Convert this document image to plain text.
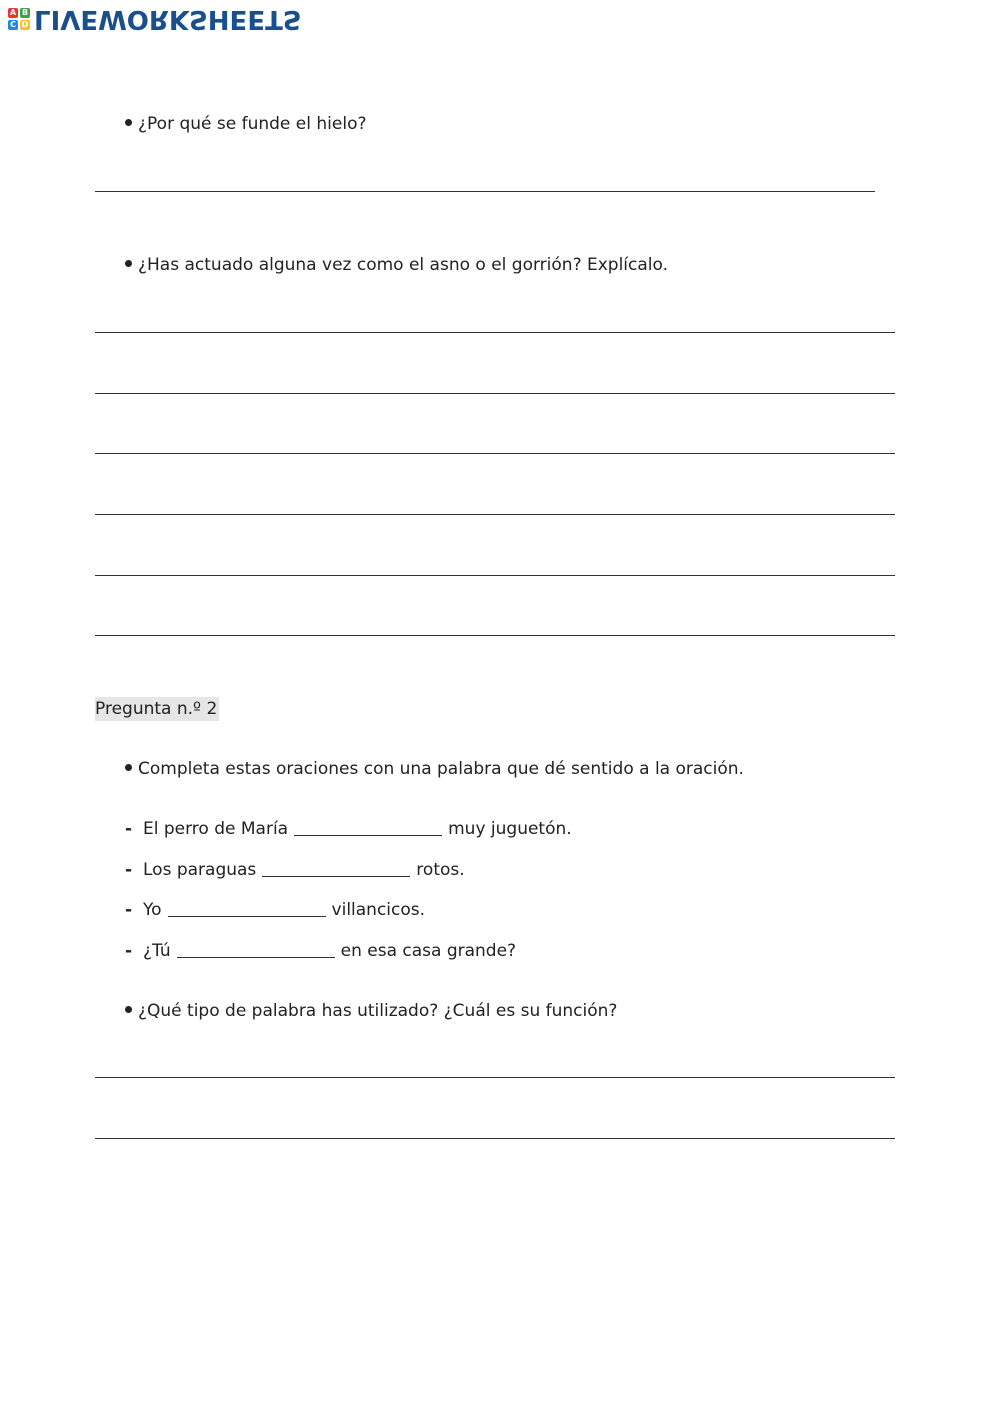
A B
C D LIVEWORKSHEETS
¿Por qué se funde el hielo?
¿Has actuado alguna vez como el asno o el gorrión? Explícalo.
Pregunta n.º 2
Completa estas oraciones con una palabra que dé sentido a la oración.
- El perro de María	muy juguetón.
- Los paraguas	rotos.
- Yo	villancicos.
- ¿Tú	en esa casa grande?
¿Qué tipo de palabra has utilizado? ¿Cuál es su función?
